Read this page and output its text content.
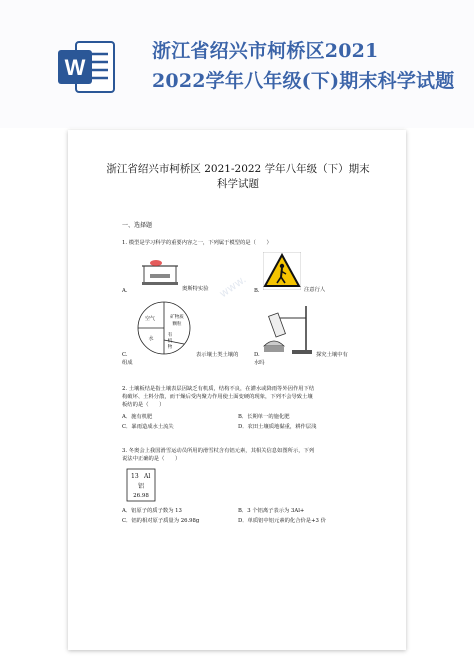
W
浙江省绍兴市柯桥区2021
2022学年八年级(下)期末科学试题
www.
浙江省绍兴市柯桥区 2021-2022 学年八年级（下）期末
科学试题
一、选择题
1. 模型是学习科学的重要内容之一，下列属于模型的是（　　）
A.	奥斯特实验	B.	注意行人
空气	矿物质
颗粒
水
有
机
物
C.	表示壤土类土壤的
组成
D.	探究土壤中有
水吗
2. 土壤板结是指土壤表层因缺乏有机质，结构不良，在灌水或降雨等外因作用下结
构破坏、土料分散，而干燥后受内聚力作用使土面变硬的现象，下列不会导致土壤
板结的是（　　）
A．施有机肥	B．长期单一的施化肥
C．暴雨造成水土流失	D．农田土壤质地黏重，耕作层浅
3. 冬奥会上我国滑雪运动员所用的滑雪杖含有铝元素，其相关信息如图所示，下列
说法中正确的是（　　）
13 Al
铝
26.98
A．铝原子的质子数为 13	B．3 个铝离子表示为 3Al+
C．铝的相对原子质量为 26.98g	D．单质铝中铝元素的化合价是+3 价
